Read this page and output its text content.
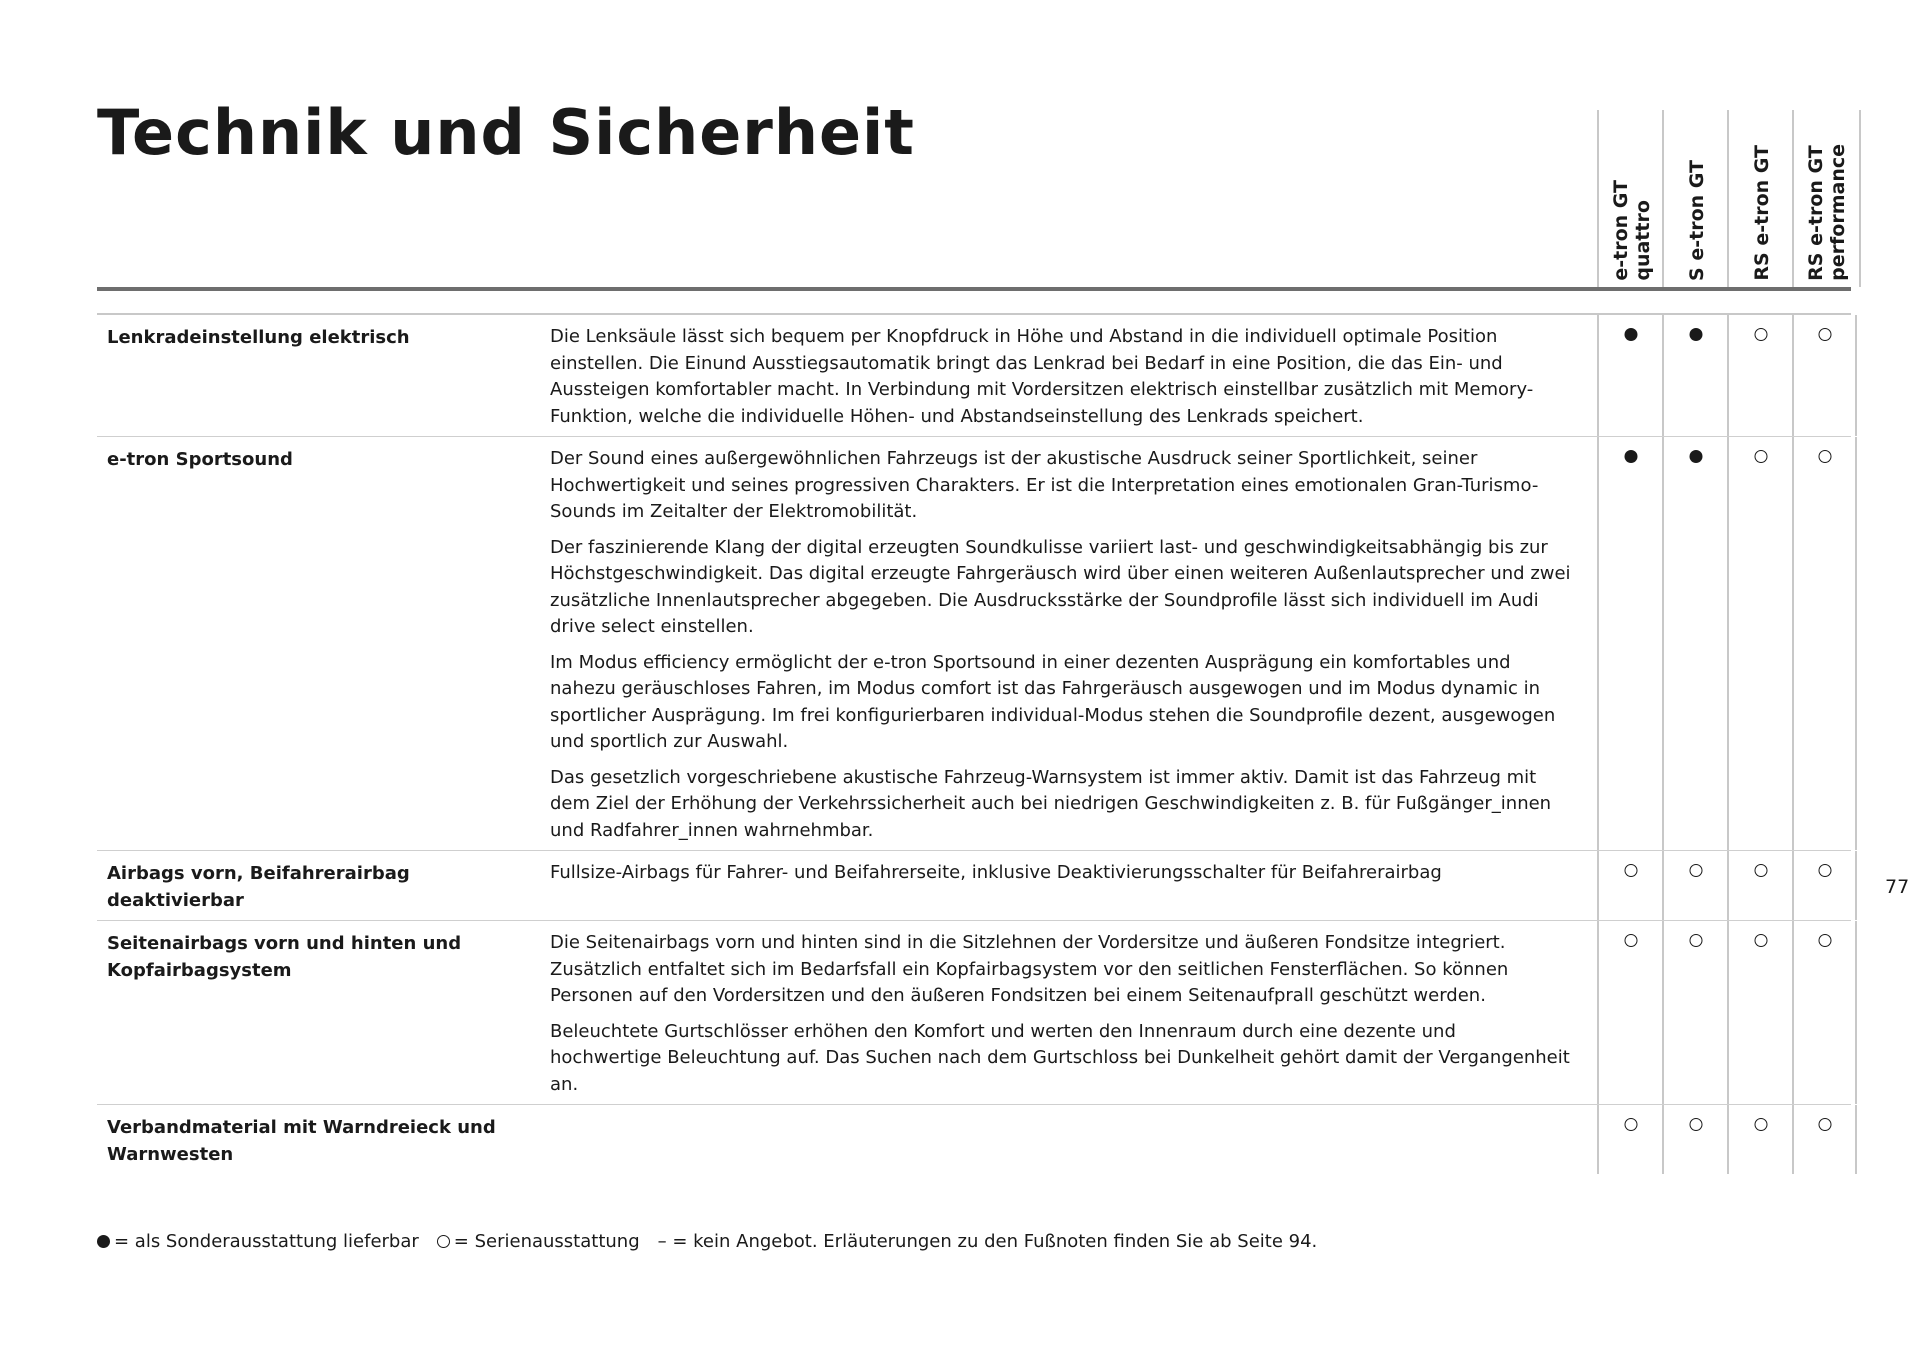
Technik und Sicherheit
e-tron GT quattro S e-tron GT RS e-tron GT RS e-tron GT performance
Lenkradeinstellung elektrisch	Die Lenksäule lässt sich bequem per Knopfdruck in Höhe und Abstand in die individuell optimale Position einstellen. Die Einund Ausstiegsautomatik bringt das Lenkrad bei Bedarf in eine Position, die das Ein- und Aussteigen komfortabler macht. In Verbindung mit Vordersitzen elektrisch einstellbar zusätzlich mit Memory-Funktion, welche die individuelle Höhen- und Abstandseinstellung des Lenkrads speichert.

e-tron Sportsound	Der Sound eines außergewöhnlichen Fahrzeugs ist der akustische Ausdruck seiner Sportlichkeit, seiner Hochwertigkeit und seines progressiven Charakters. Er ist die Interpretation eines emotionalen Gran-Turismo-Sounds im Zeitalter der Elektromobilität.

Der faszinierende Klang der digital erzeugten Soundkulisse variiert last- und geschwindigkeitsabhängig bis zur Höchstgeschwindigkeit. Das digital erzeugte Fahrgeräusch wird über einen weiteren Außenlautsprecher und zwei zusätzliche Innenlautsprecher abgegeben. Die Ausdrucksstärke der Soundprofile lässt sich individuell im Audi drive select einstellen.

Im Modus efficiency ermöglicht der e-tron Sportsound in einer dezenten Ausprägung ein komfortables und nahezu geräuschloses Fahren, im Modus comfort ist das Fahrgeräusch ausgewogen und im Modus dynamic in sportlicher Ausprägung. Im frei konfigurierbaren individual-Modus stehen die Soundprofile dezent, ausgewogen und sportlich zur Auswahl.

Das gesetzlich vorgeschriebene akustische Fahrzeug-Warnsystem ist immer aktiv. Damit ist das Fahrzeug mit dem Ziel der Erhöhung der Verkehrssicherheit auch bei niedrigen Geschwindigkeiten z. B. für Fußgänger_innen und Radfahrer_innen wahrnehmbar.

Airbags vorn, Beifahrerairbag deaktivierbar

Fullsize-Airbags für Fahrer- und Beifahrerseite, inklusive Deaktivierungsschalter für Beifahrerairbag

Seitenairbags vorn und hinten und Kopfairbagsystem

Die Seitenairbags vorn und hinten sind in die Sitzlehnen der Vordersitze und äußeren Fondsitze integriert. Zusätzlich entfaltet sich im Bedarfsfall ein Kopfairbagsystem vor den seitlichen Fensterflächen. So können Personen auf den Vordersitzen und den äußeren Fondsitzen bei einem Seitenaufprall geschützt werden.

Beleuchtete Gurtschlösser erhöhen den Komfort und werten den Innenraum durch eine dezente und hochwertige Beleuchtung auf. Das Suchen nach dem Gurtschloss bei Dunkelheit gehört damit der Vergangenheit an.

Verbandmaterial mit Warndreieck und Warnwesten
77
= als Sonderausstattung lieferbar = Serienausstattung – = kein Angebot. Erläuterungen zu den Fußnoten finden Sie ab Seite 94.
